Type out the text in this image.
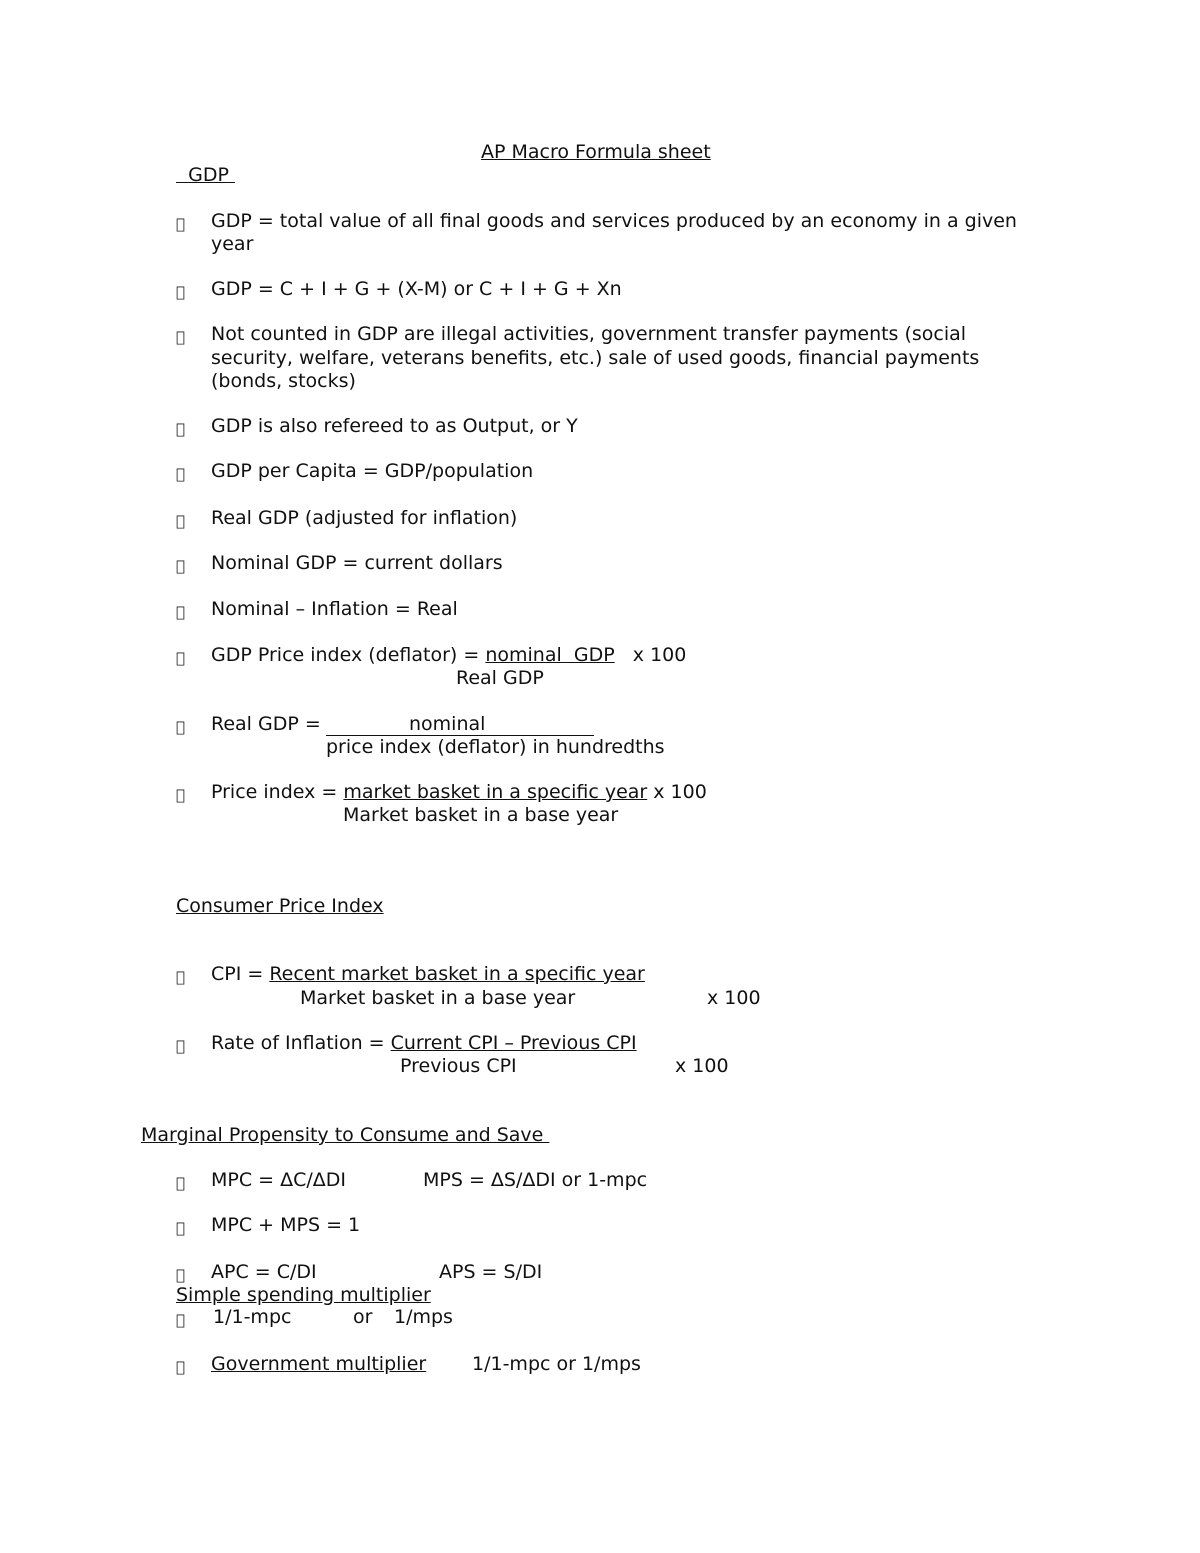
AP Macro Formula sheet
GDP
GDP = total value of all final goods and services produced by an economy in a given
year
GDP = C + I + G + (X-M) or C + I + G + Xn
Not counted in GDP are illegal activities, government transfer payments (social
security, welfare, veterans benefits, etc.) sale of used goods, financial payments
(bonds, stocks)
GDP is also refereed to as Output, or Y
GDP per Capita = GDP/population
Real GDP (adjusted for inflation)
Nominal GDP = current dollars
Nominal – Inflation = Real
GDP Price index (deflator) = nominal  GDP x 100
Real GDP
Real GDP =	nominal
price index (deflator) in hundredths
Price index = market basket in a specific year x 100
Market basket in a base year
Consumer Price Index
CPI = Recent market basket in a specific year
Market basket in a base year	x 100
Rate of Inflation = Current CPI – Previous CPI
Previous CPI	x 100
Marginal Propensity to Consume and Save
MPC = ΔC/ΔDI	MPS = ΔS/ΔDI or 1-mpc
MPC + MPS = 1
APC = C/DI	APS = S/DI
Simple spending multiplier
1/1-mpc	or 1/mps
Government multiplier 1/1-mpc or 1/mps
